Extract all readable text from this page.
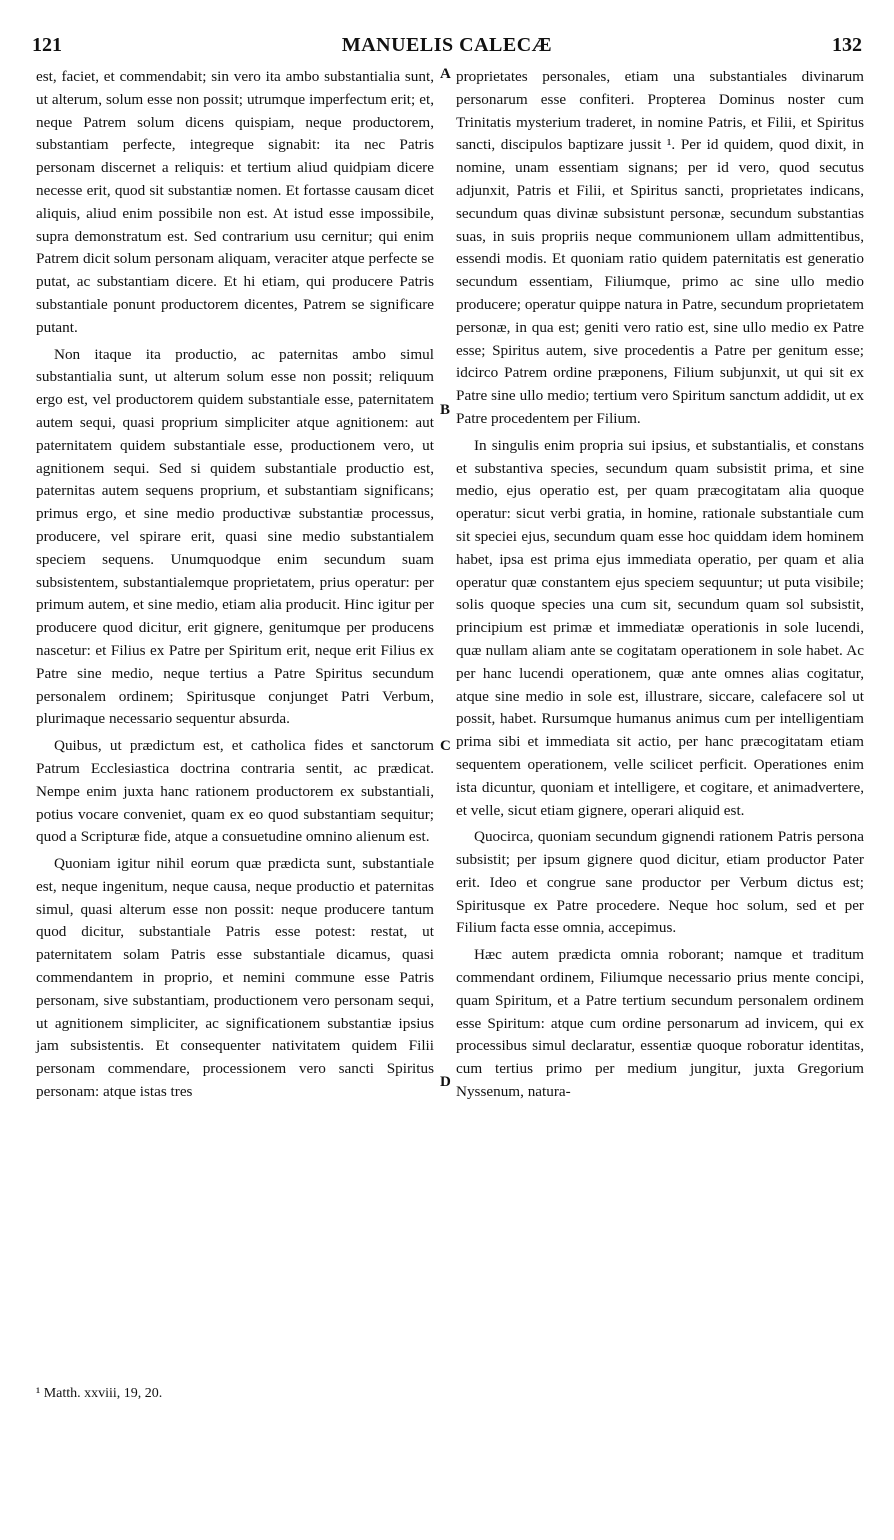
121	MANUELIS CALECÆ	132

est, faciet, et commendabit; sin vero ita ambo substantialia sunt, ut alterum, solum esse non possit; utrumque imperfectum erit; et, neque Patrem solum dicens quispiam, neque productorem, substantiam perfecte, integreque signabit: ita nec Patris personam discernet a reliquis: et tertium aliud quidpiam dicere necesse erit, quod sit substantiæ nomen. Et fortasse causam dicet aliquis, aliud enim possibile non est. At istud esse impossibile, supra demonstratum est. Sed contrarium usu cernitur; qui enim Patrem dicit solum personam aliquam, veraciter atque perfecte se putat, ac substantiam dicere. Et hi etiam, qui producere Patris substantiale ponunt productorem dicentes, Patrem se significare putant.

Non itaque ita productio, ac paternitas ambo simul substantialia sunt, ut alterum solum esse non possit; reliquum ergo est, vel productorem quidem substantiale esse, paternitatem autem sequi, quasi proprium simpliciter atque agnitionem: aut paternitatem quidem substantiale esse, productionem vero, ut agnitionem sequi. Sed si quidem substantiale productio est, paternitas autem sequens proprium, et substantiam significans; primus ergo, et sine medio productivæ substantiæ processus, producere, vel spirare erit, quasi sine medio substantialem speciem sequens. Unumquodque enim secundum suam subsistentem, substantialemque proprietatem, prius operatur: per primum autem, et sine medio, etiam alia producit. Hinc igitur per producere quod dicitur, erit gignere, genitumque per producens nascetur: et Filius ex Patre per Spiritum erit, neque erit Filius ex Patre sine medio, neque tertius a Patre Spiritus secundum personalem ordinem; Spiritusque conjunget Patri Verbum, plurimaque necessario sequentur absurda.

Quibus, ut prædictum est, et catholica fides et sanctorum Patrum Ecclesiastica doctrina contraria sentit, ac prædicat. Nempe enim juxta hanc rationem productorem ex substantiali, potius vocare conveniet, quam ex eo quod substantiam sequitur; quod a Scripturæ fide, atque a consuetudine omnino alienum est.

Quoniam igitur nihil eorum quæ prædicta sunt, substantiale est, neque ingenitum, neque causa, neque productio et paternitas simul, quasi alterum esse non possit: neque producere tantum quod dicitur, substantiale Patris esse potest: restat, ut paternitatem solam Patris esse substantiale dicamus, quasi commendantem in proprio, et nemini commune esse Patris personam, sive substantiam, productionem vero personam sequi, ut agnitionem simpliciter, ac significationem substantiæ ipsius jam subsistentis. Et consequenter nativitatem quidem Filii personam commendare, processionem vero sancti Spiritus personam: atque istas tres

A
B
C
D

proprietates personales, etiam una substantiales divinarum personarum esse confiteri. Propterea Dominus noster cum Trinitatis mysterium traderet, in nomine Patris, et Filii, et Spiritus sancti, discipulos baptizare jussit ¹. Per id quidem, quod dixit, in nomine, unam essentiam signans; per id vero, quod secutus adjunxit, Patris et Filii, et Spiritus sancti, proprietates indicans, secundum quas divinæ subsistunt personæ, secundum substantias suas, in suis propriis neque communionem ullam admittentibus, essendi modis. Et quoniam ratio quidem paternitatis est generatio secundum essentiam, Filiumque, primo ac sine ullo medio producere; operatur quippe natura in Patre, secundum proprietatem personæ, in qua est; geniti vero ratio est, sine ullo medio ex Patre esse; Spiritus autem, sive procedentis a Patre per genitum esse; idcirco Patrem ordine præponens, Filium subjunxit, ut qui sit ex Patre sine ullo medio; tertium vero Spiritum sanctum addidit, ut ex Patre procedentem per Filium.

In singulis enim propria sui ipsius, et substantialis, et constans et substantiva species, secundum quam subsistit prima, et sine medio, ejus operatio est, per quam præcogitatam alia quoque operatur: sicut verbi gratia, in homine, rationale substantiale cum sit speciei ejus, secundum quam esse hoc quiddam idem hominem habet, ipsa est prima ejus immediata operatio, per quam et alia operatur quæ constantem ejus speciem sequuntur; ut puta visibile; solis quoque species una cum sit, secundum quam sol subsistit, principium est primæ et immediatæ operationis in sole lucendi, quæ nullam aliam ante se cogitatam operationem in sole habet. Ac per hanc lucendi operationem, quæ ante omnes alias cogitatur, atque sine medio in sole est, illustrare, siccare, calefacere sol ut possit, habet. Rursumque humanus animus cum per intelligentiam prima sibi et immediata sit actio, per hanc præcogitatam etiam sequentem operationem, velle scilicet perficit. Operationes enim ista dicuntur, quoniam et intelligere, et cogitare, et animadvertere, et velle, sicut etiam gignere, operari aliquid est.

Quocirca, quoniam secundum gignendi rationem Patris persona subsistit; per ipsum gignere quod dicitur, etiam productor Pater erit. Ideo et congrue sane productor per Verbum dictus est; Spiritusque ex Patre procedere. Neque hoc solum, sed et per Filium facta esse omnia, accepimus.

Hæc autem prædicta omnia roborant; namque et traditum commendant ordinem, Filiumque necessario prius mente concipi, quam Spiritum, et a Patre tertium secundum personalem ordinem esse Spiritum: atque cum ordine personarum ad invicem, qui ex processibus simul declaratur, essentiæ quoque roboratur identitas, cum tertius primo per medium jungitur, juxta Gregorium Nyssenum, natura-

¹ Matth. xxviii, 19, 20.
